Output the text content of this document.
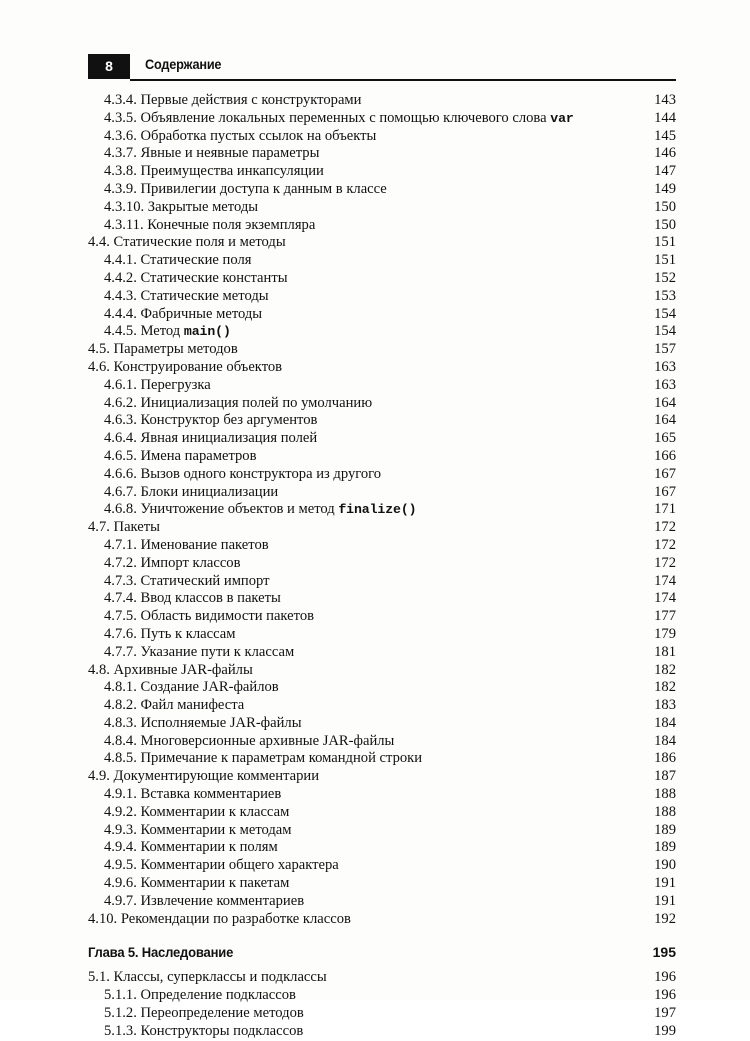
8	Содержание
4.3.4. Первые действия с конструкторами	143
4.3.5. Объявление локальных переменных с помощью ключевого слова var	144
4.3.6. Обработка пустых ссылок на объекты	145
4.3.7. Явные и неявные параметры	146
4.3.8. Преимущества инкапсуляции	147
4.3.9. Привилегии доступа к данным в классе	149
4.3.10. Закрытые методы	150
4.3.11. Конечные поля экземпляра	150
4.4. Статические поля и методы	151
4.4.1. Статические поля	151
4.4.2. Статические константы	152
4.4.3. Статические методы	153
4.4.4. Фабричные методы	154
4.4.5. Метод main()	154
4.5. Параметры методов	157
4.6. Конструирование объектов	163
4.6.1. Перегрузка	163
4.6.2. Инициализация полей по умолчанию	164
4.6.3. Конструктор без аргументов	164
4.6.4. Явная инициализация полей	165
4.6.5. Имена параметров	166
4.6.6. Вызов одного конструктора из другого	167
4.6.7. Блоки инициализации	167
4.6.8. Уничтожение объектов и метод finalize()	171
4.7. Пакеты	172
4.7.1. Именование пакетов	172
4.7.2. Импорт классов	172
4.7.3. Статический импорт	174
4.7.4. Ввод классов в пакеты	174
4.7.5. Область видимости пакетов	177
4.7.6. Путь к классам	179
4.7.7. Указание пути к классам	181
4.8. Архивные JAR-файлы	182
4.8.1. Создание JAR-файлов	182
4.8.2. Файл манифеста	183
4.8.3. Исполняемые JAR-файлы	184
4.8.4. Многоверсионные архивные JAR-файлы	184
4.8.5. Примечание к параметрам командной строки	186
4.9. Документирующие комментарии	187
4.9.1. Вставка комментариев	188
4.9.2. Комментарии к классам	188
4.9.3. Комментарии к методам	189
4.9.4. Комментарии к полям	189
4.9.5. Комментарии общего характера	190
4.9.6. Комментарии к пакетам	191
4.9.7. Извлечение комментариев	191
4.10. Рекомендации по разработке классов	192
Глава 5. Наследование	195
5.1. Классы, суперклассы и подклассы	196
5.1.1. Определение подклассов	196
5.1.2. Переопределение методов	197
5.1.3. Конструкторы подклассов	199
